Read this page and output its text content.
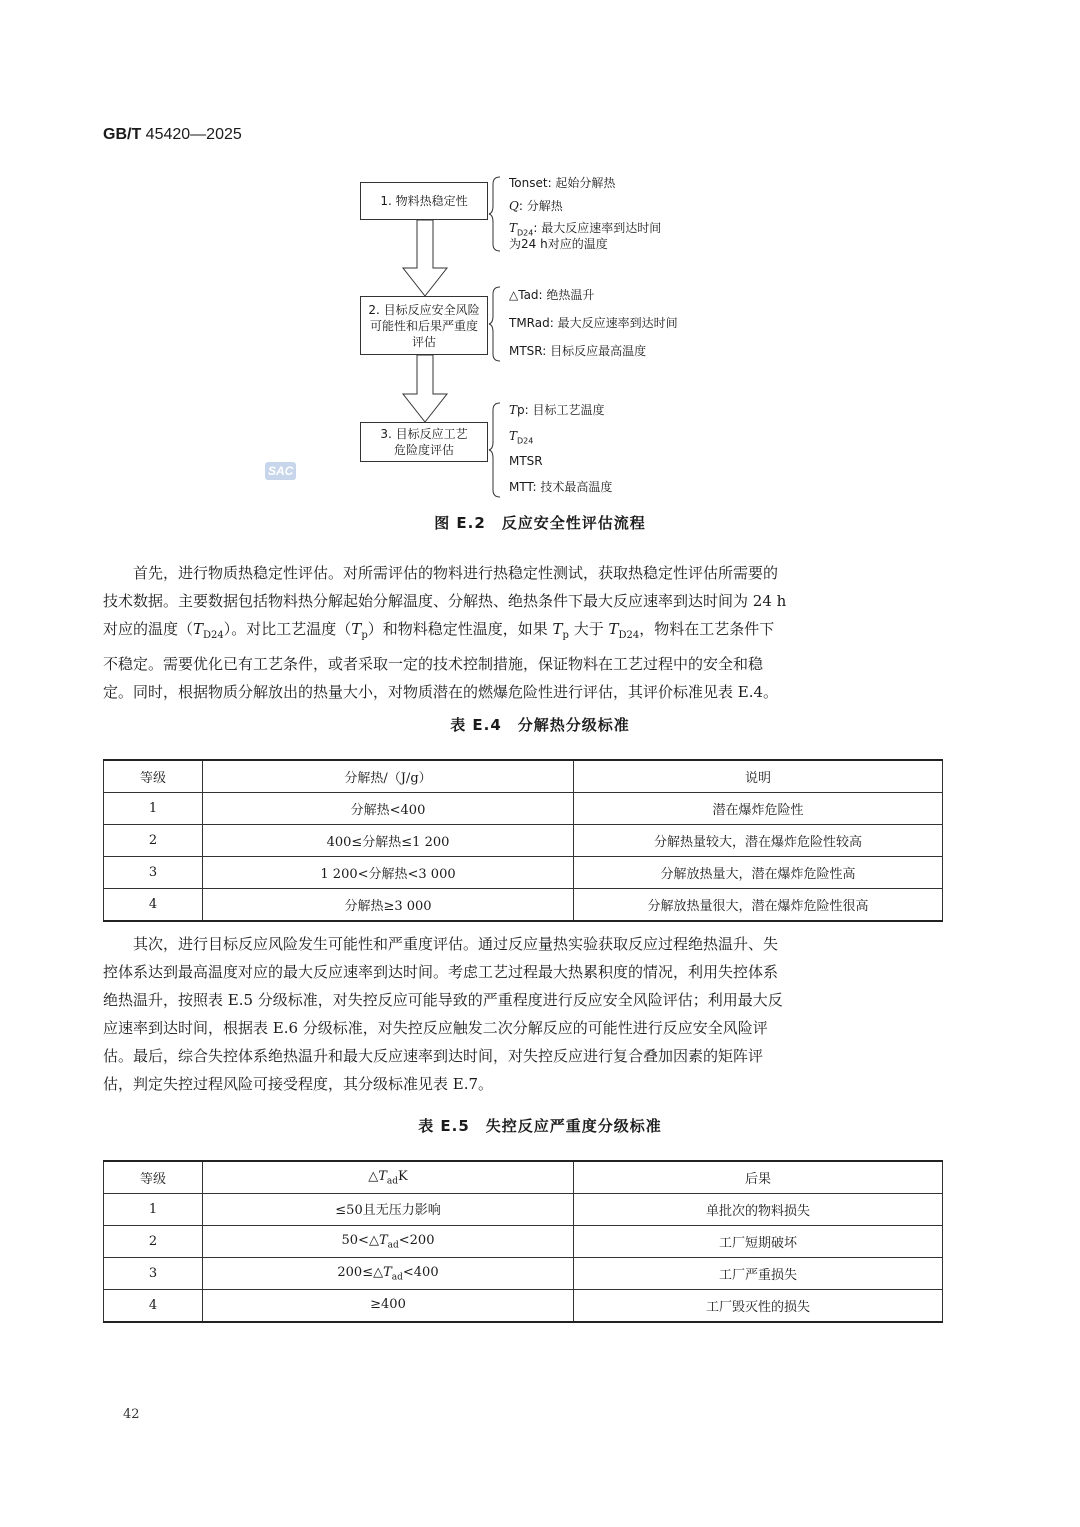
GB/T 45420—2025
1. 物料热稳定性
2. 目标反应安全风险
可能性和后果严重度
评估
3. 目标反应工艺
危险度评估
Tonset: 起始分解热
Q: 分解热
$T_{D24}$: 最大反应速率到达时间
为24 h对应的温度
△Tad: 绝热温升
TMRad: 最大反应速率到达时间
MTSR: 目标反应最高温度
Tp: 目标工艺温度
$T_{D24}$
MTSR
MTT: 技术最高温度
SAC
图 E.2　反应安全性评估流程
首先，进行物质热稳定性评估。对所需评估的物料进行热稳定性测试，获取热稳定性评估所需要的
技术数据。主要数据包括物料热分解起始分解温度、分解热、绝热条件下最大反应速率到达时间为 24 h
对应的温度$(T_{D24})$。对比工艺温度$(T_p)$和物料稳定性温度，如果 $T_p$ 大于 $T_{D24}$，物料在工艺条件下
不稳定。需要优化已有工艺条件，或者采取一定的技术控制措施，保证物料在工艺过程中的安全和稳
定。同时，根据物质分解放出的热量大小，对物质潜在的燃爆危险性进行评估，其评价标准见表 E.4。
表 E.4　分解热分级标准
等级	分解热/（J/g）	说明
1	分解热<400	潜在爆炸危险性
2	400≤分解热≤1 200	分解热量较大，潜在爆炸危险性较高
3	1 200<分解热<3 000	分解放热量大，潜在爆炸危险性高
4	分解热≥3 000	分解放热量很大，潜在爆炸危险性很高
其次，进行目标反应风险发生可能性和严重度评估。通过反应量热实验获取反应过程绝热温升、失
控体系达到最高温度对应的最大反应速率到达时间。考虑工艺过程最大热累积度的情况，利用失控体系
绝热温升，按照表 E.5 分级标准，对失控反应可能导致的严重程度进行反应安全风险评估；利用最大反
应速率到达时间，根据表 E.6 分级标准，对失控反应触发二次分解反应的可能性进行反应安全风险评
估。最后，综合失控体系绝热温升和最大反应速率到达时间，对失控反应进行复合叠加因素的矩阵评
估，判定失控过程风险可接受程度，其分级标准见表 E.7。
表 E.5　失控反应严重度分级标准
等级	$\triangle T_{ad}K$	后果
1	≤50且无压力影响	单批次的物料损失
2	$50<\triangle T_{ad}<200$	工厂短期破坏
3	$200\le\triangle T_{ad}<400$	工厂严重损失
4	≥400	工厂毁灭性的损失
42
